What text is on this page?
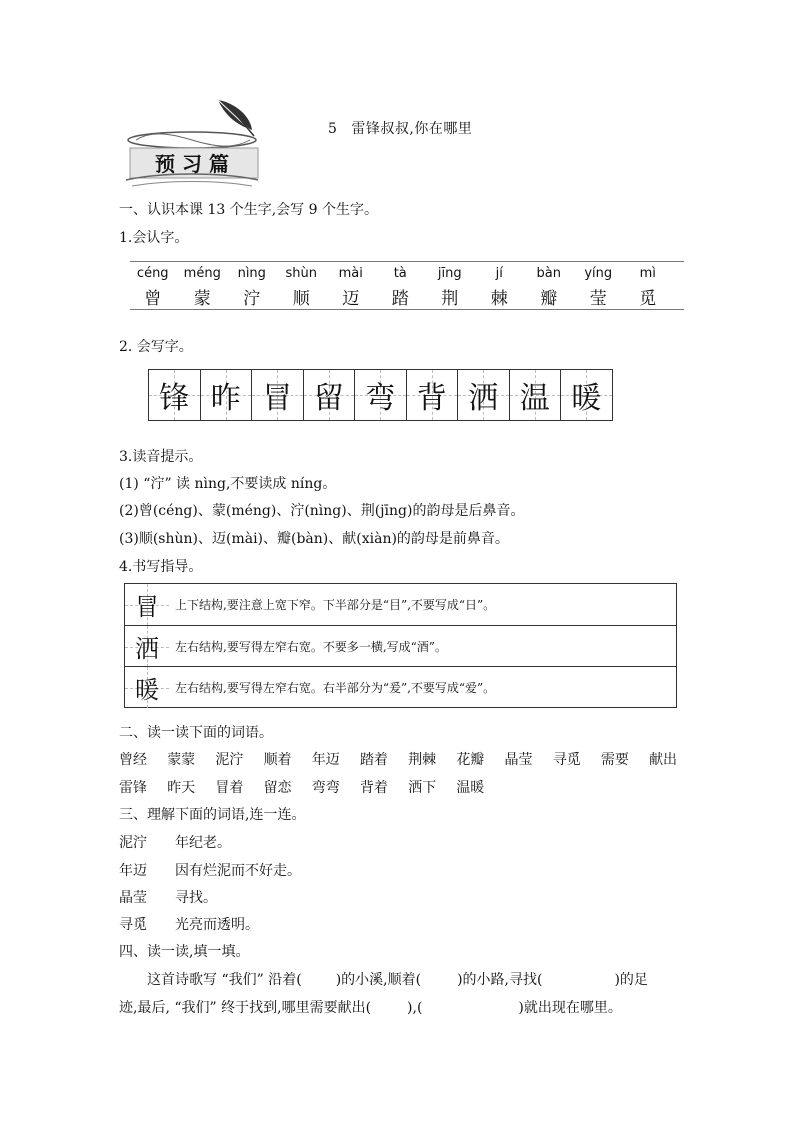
预 习 篇
5 雷锋叔叔,你在哪里
一、认识本课 13 个生字,会写 9 个生字。
1.会认字。
céng	méng	nìng	shùn	mài	tà	jīng	jí	bàn	yíng	mì
曾	蒙	泞	顺	迈	踏	荆	棘	瓣	莹	觅
2. 会写字。
锋 昨 冒 留 弯 背 洒 温 暖
3.读音提示。
(1) “泞” 读 nìng,不要读成 níng。
(2)曾(céng)、蒙(méng)、泞(nìng)、荆(jīng)的韵母是后鼻音。
(3)顺(shùn)、迈(mài)、瓣(bàn)、献(xiàn)的韵母是前鼻音。
4.书写指导。
冒	上下结构,要注意上宽下窄。下半部分是“目”,不要写成“日”。
洒	左右结构,要写得左窄右宽。不要多一横,写成“酒”。
暖	左右结构,要写得左窄右宽。右半部分为“爰”,不要写成“爱”。
二、读一读下面的词语。
曾经	蒙蒙	泥泞	顺着	年迈	踏着	荆棘	花瓣	晶莹	寻觅	需要	献出
雷锋	昨天	冒着	留恋	弯弯	背着	洒下	温暖
三、理解下面的词语,连一连。
泥泞	年纪老。
年迈	因有烂泥而不好走。
晶莹	寻找。
寻觅	光亮而透明。
四、读一读,填一填。
这首诗歌写 “我们” 沿着( )的小溪,顺着(	)的小路,寻找(	)的足
迹,最后, “我们” 终于找到,哪里需要献出(	),(	)就出现在哪里。
